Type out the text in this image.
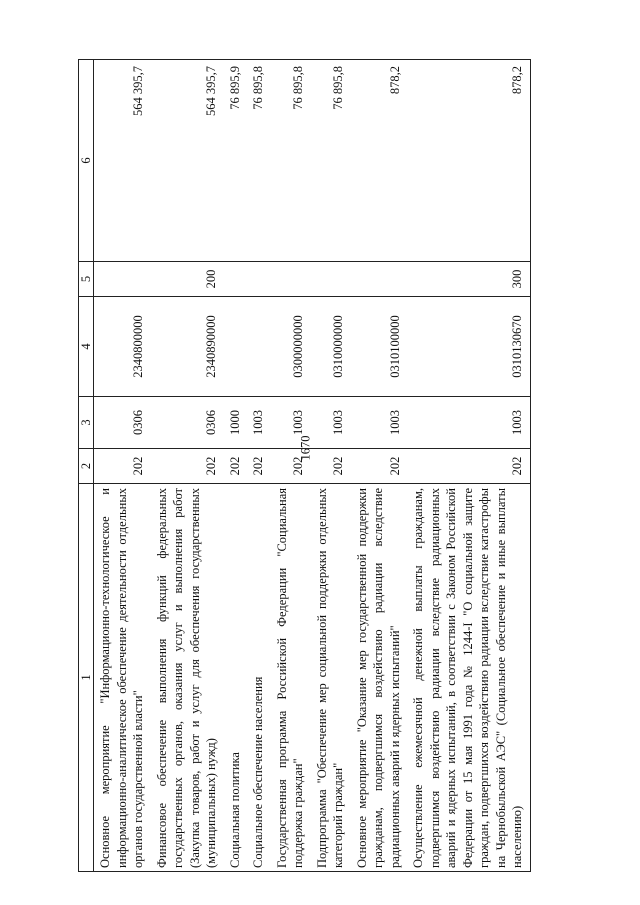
1670
1	2	3	4	5	6
Основное мероприятие "Информационно-технологическое и информационно-аналитическое обеспечение деятельности отдельных органов государственной власти"	202	0306	2340800000		564 395,7
Финансовое обеспечение выполнения функций федеральных государственных органов, оказания услуг и выполнения работ (Закупка товаров, работ и услуг для обеспечения государственных (муниципальных) нужд)	202	0306	2340890000	200	564 395,7
Социальная политика	202	1000			76 895,9
Социальное обеспечение населения	202	1003			76 895,8
Государственная программа Российской Федерации "Социальная поддержка граждан"	202	1003	0300000000		76 895,8
Подпрограмма "Обеспечение мер социальной поддержки отдельных категорий граждан"	202	1003	0310000000		76 895,8
Основное мероприятие "Оказание мер государственной поддержки гражданам, подвергшимся воздействию радиации вследствие радиационных аварий и ядерных испытаний"	202	1003	0310100000		878,2
Осуществление ежемесячной денежной выплаты гражданам, подвергшимся воздействию радиации вследствие радиационных аварий и ядерных испытаний, в соответствии с Законом Российской Федерации от 15 мая 1991 года № 1244-I "О социальной защите граждан, подвергшихся воздействию радиации вследствие катастрофы на Чернобыльской АЭС" (Социальное обеспечение и иные выплаты населению)	202	1003	0310130670	300	878,2
